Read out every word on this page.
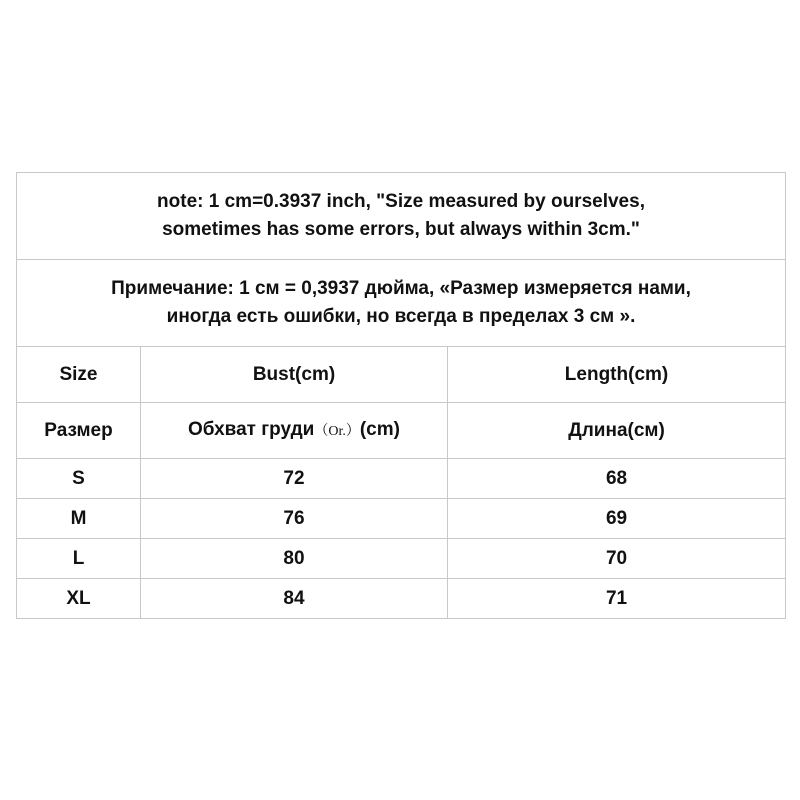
note: 1 cm=0.3937 inch, "Size measured by ourselves,
sometimes has some errors, but always within 3cm."		

Примечание: 1 см = 0,3937 дюйма, «Размер измеряется нами,
иногда есть ошибки, но всегда в пределах 3 см ».		

Size	Bust(cm)	Length(cm)
Размер	Обхват груди（Or.）(cm)	Длина(см)
S	72	68
M	76	69
L	80	70
XL	84	71
